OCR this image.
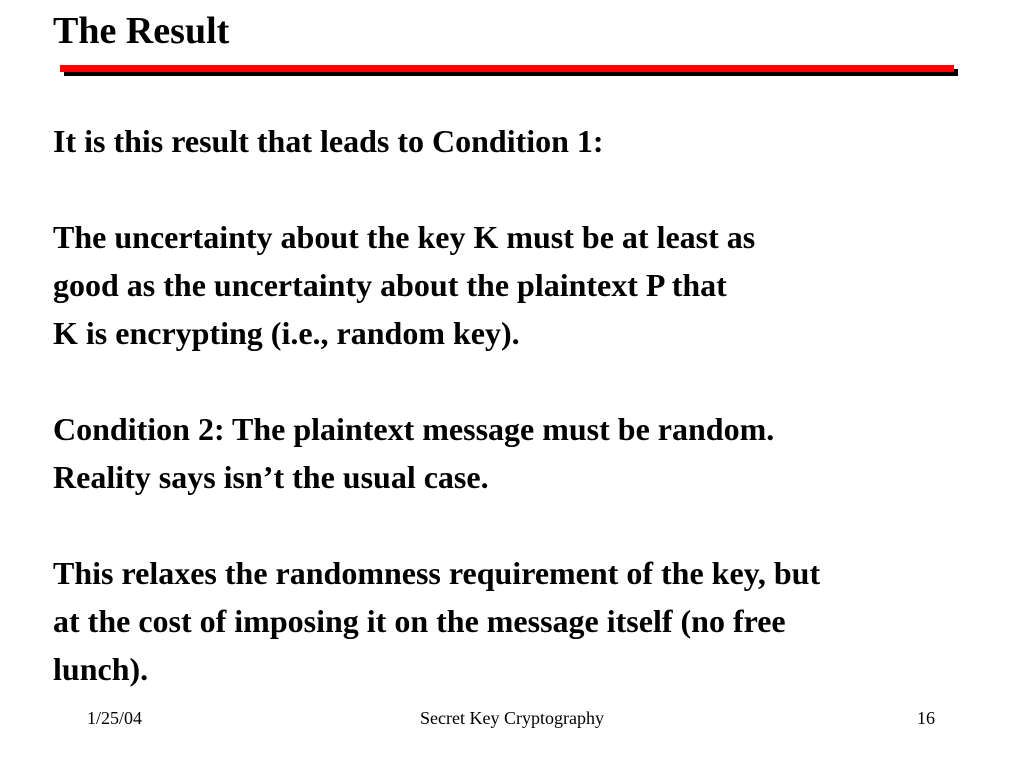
The Result
It is this result that leads to Condition 1:
The uncertainty about the key K must be at least as
good as the uncertainty about the plaintext P that
K is encrypting (i.e., random key).
Condition 2: The plaintext message must be random.
Reality says isn’t the usual case.
This relaxes the randomness requirement of the key, but
at the cost of imposing it on the message itself (no free
lunch).
1/25/04	Secret Key Cryptography	16
